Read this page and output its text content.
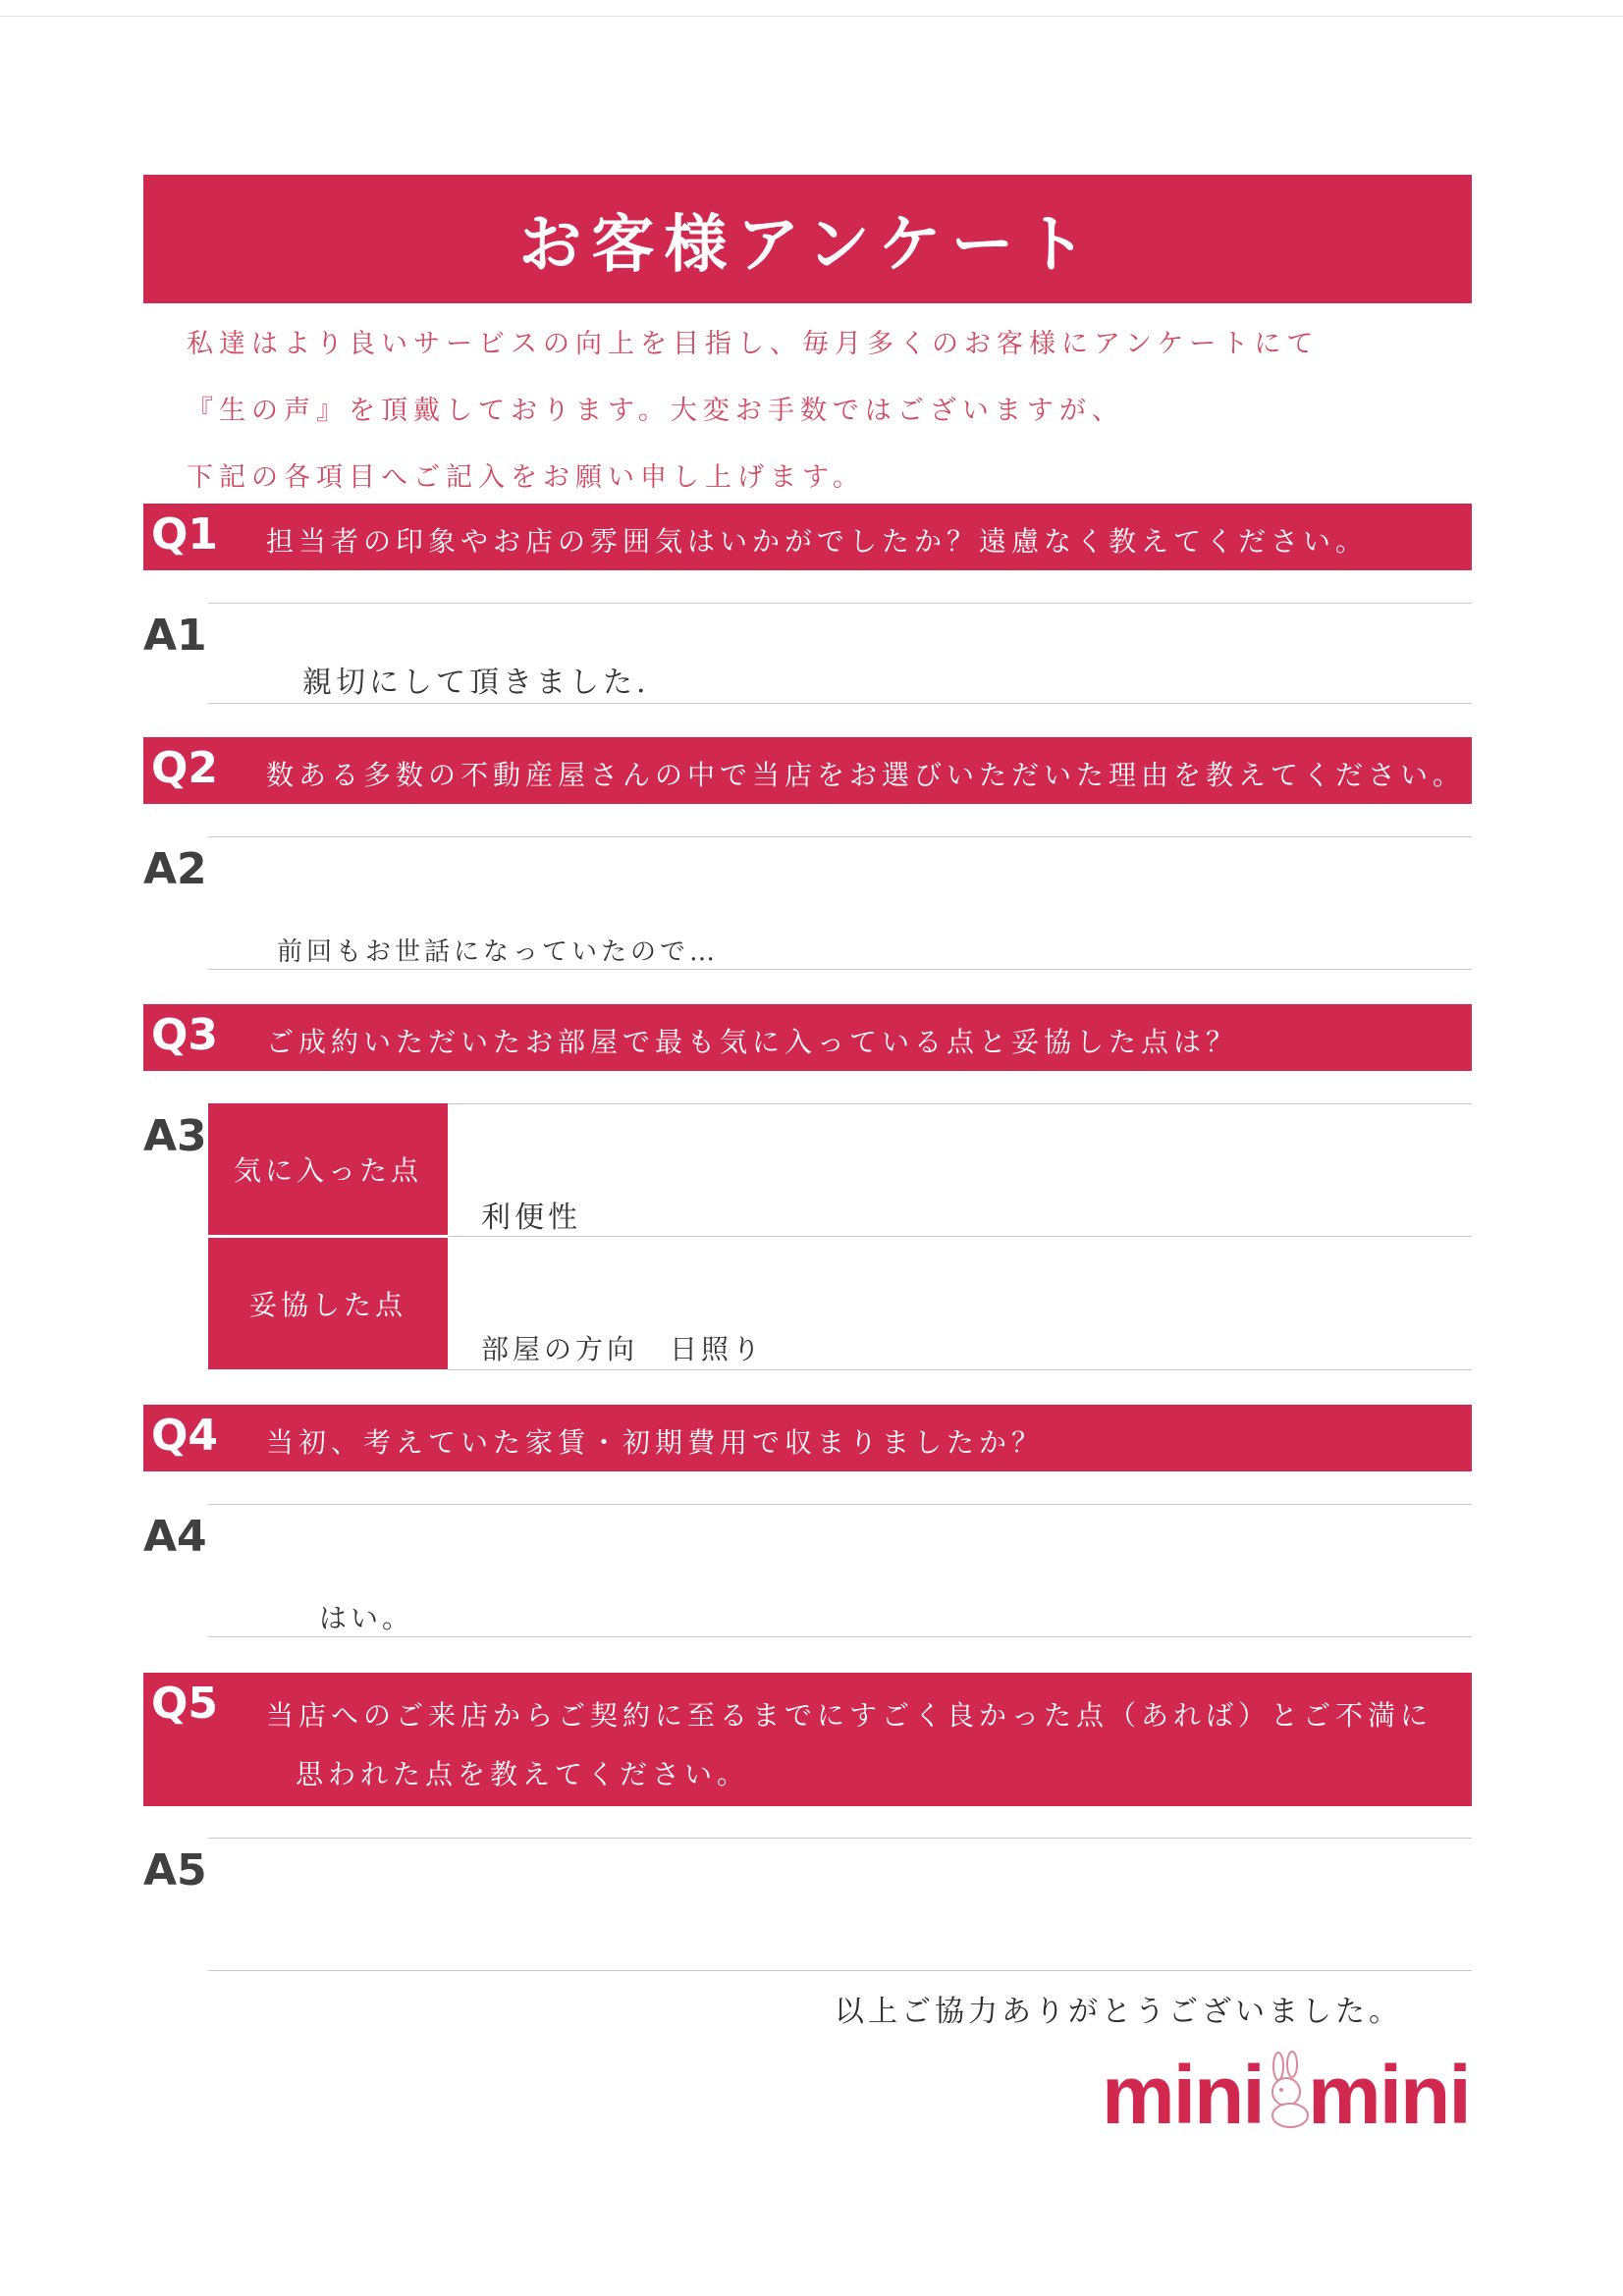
お客様アンケート
私達はより良いサービスの向上を目指し、毎月多くのお客様にアンケートにて
『生の声』を頂戴しております。大変お手数ではございますが、
下記の各項目へご記入をお願い申し上げます。
Q1 担当者の印象やお店の雰囲気はいかがでしたか？遠慮なく教えてください。
A1
親切にして頂きました.
Q2 数ある多数の不動産屋さんの中で当店をお選びいただいた理由を教えてください。
A2
前回もお世話になっていたので…
Q3 ご成約いただいたお部屋で最も気に入っている点と妥協した点は？
A3
気に入った点
利便性
妥協した点
部屋の方向　日照り
Q4 当初、考えていた家賃・初期費用で収まりましたか？
A4
はい。
Q5 当店へのご来店からご契約に至るまでにすごく良かった点（あれば）とご不満に
思われた点を教えてください。
A5
以上ご協力ありがとうございました。
mini mini
